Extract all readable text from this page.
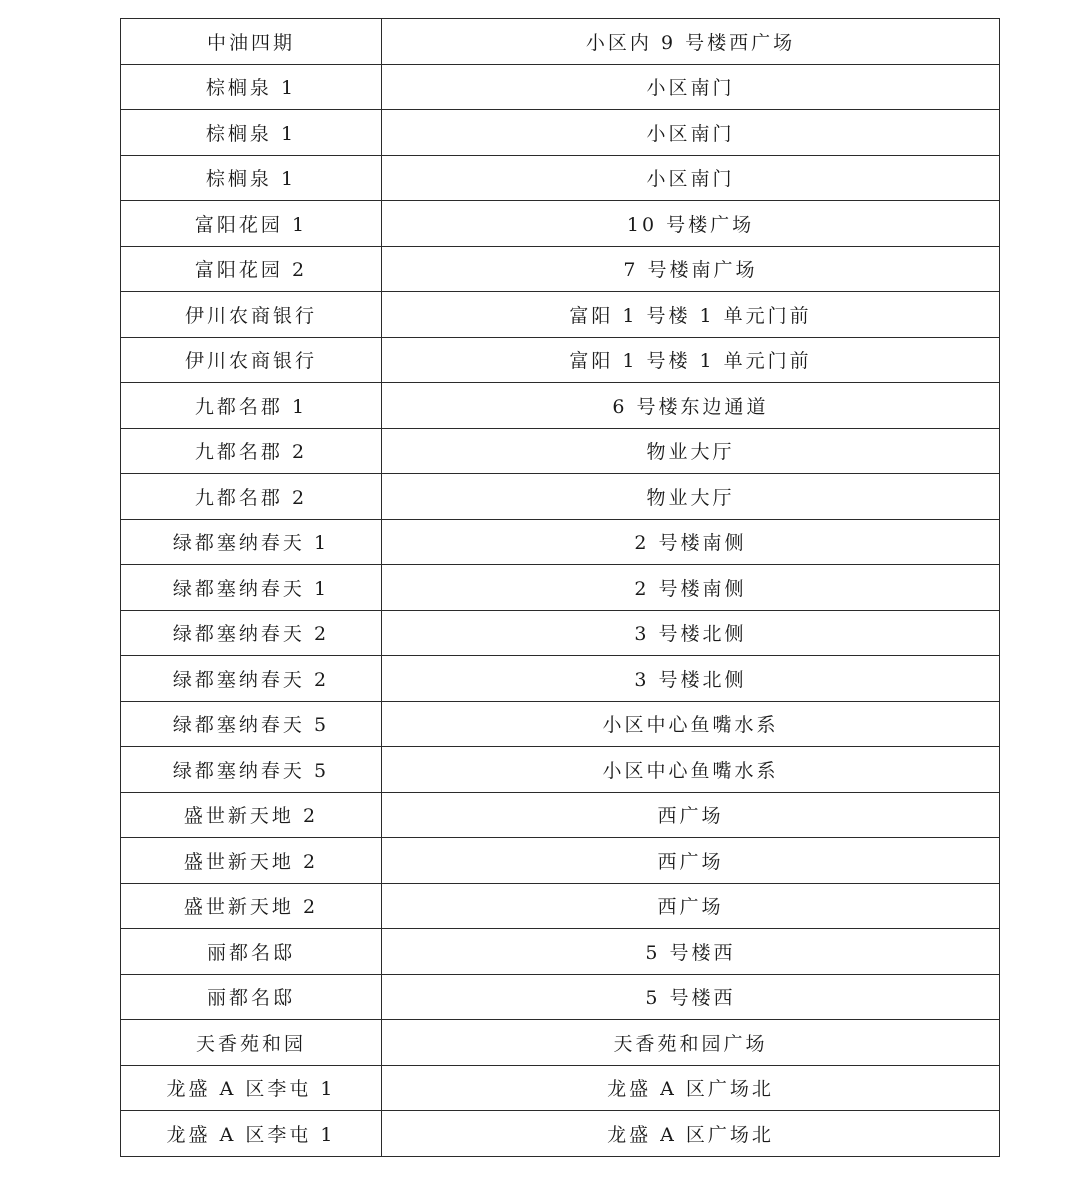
中油四期	小区内 9 号楼西广场
棕榈泉 1	小区南门
棕榈泉 1	小区南门
棕榈泉 1	小区南门
富阳花园 1	10 号楼广场
富阳花园 2	7 号楼南广场
伊川农商银行	富阳 1 号楼 1 单元门前
伊川农商银行	富阳 1 号楼 1 单元门前
九都名郡 1	6 号楼东边通道
九都名郡 2	物业大厅
九都名郡 2	物业大厅
绿都塞纳春天 1	2 号楼南侧
绿都塞纳春天 1	2 号楼南侧
绿都塞纳春天 2	3 号楼北侧
绿都塞纳春天 2	3 号楼北侧
绿都塞纳春天 5	小区中心鱼嘴水系
绿都塞纳春天 5	小区中心鱼嘴水系
盛世新天地 2	西广场
盛世新天地 2	西广场
盛世新天地 2	西广场
丽都名邸	5 号楼西
丽都名邸	5 号楼西
天香苑和园	天香苑和园广场
龙盛 A 区李屯 1	龙盛 A 区广场北
龙盛 A 区李屯 1	龙盛 A 区广场北
